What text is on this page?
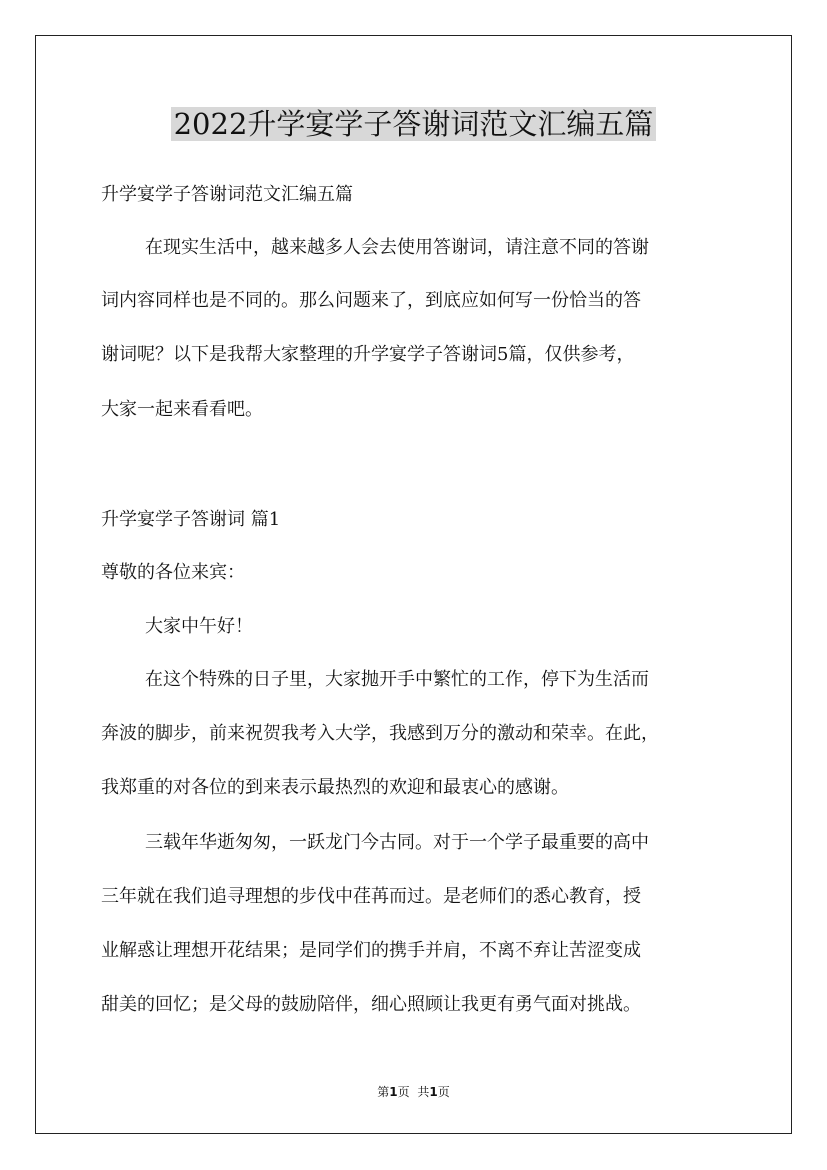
2022升学宴学子答谢词范文汇编五篇

升学宴学子答谢词范文汇编五篇

在现实生活中，越来越多人会去使用答谢词，请注意不同的答谢

词内容同样也是不同的。那么问题来了，到底应如何写一份恰当的答

谢词呢？以下是我帮大家整理的升学宴学子答谢词5篇，仅供参考，

大家一起来看看吧。

升学宴学子答谢词 篇1

尊敬的各位来宾：

大家中午好！

在这个特殊的日子里，大家抛开手中繁忙的工作，停下为生活而

奔波的脚步，前来祝贺我考入大学，我感到万分的激动和荣幸。在此，

我郑重的对各位的到来表示最热烈的欢迎和最衷心的感谢。

三载年华逝匆匆，一跃龙门今古同。对于一个学子最重要的高中

三年就在我们追寻理想的步伐中荏苒而过。是老师们的悉心教育，授

业解惑让理想开花结果；是同学们的携手并肩，不离不弃让苦涩变成

甜美的回忆；是父母的鼓励陪伴，细心照顾让我更有勇气面对挑战。

第1页 共1页
